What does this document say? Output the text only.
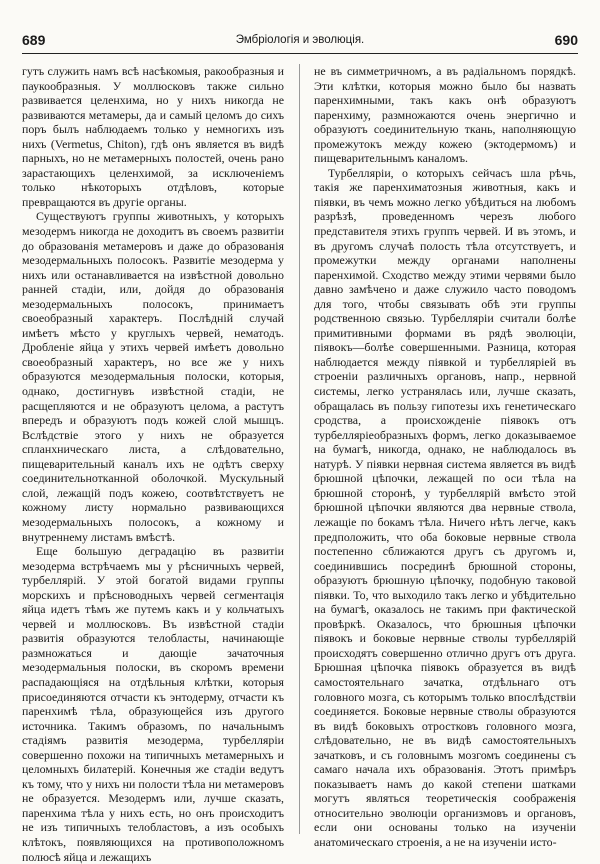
689	Эмбріологія и эволюція.	690

гутъ служить намъ всѣ насѣкомыя, ракообразныя и паукообразныя. У моллюсковъ также сильно развивается целенхима, но у нихъ никогда не развиваются метамеры, да и самый целомъ до сихъ поръ былъ наблюдаемъ только у немногихъ изъ нихъ (Vermetus, Chiton), гдѣ онъ является въ видѣ парныхъ, но не метамерныхъ полостей, очень рано зарастающихъ целенхимой, за исключеніемъ только нѣкоторыхъ отдѣловъ, которые превращаются въ другіе органы.

Существуютъ группы животныхъ, у которыхъ мезодермъ никогда не доходитъ въ своемъ развитіи до образованія метамеровъ и даже до образованія мезодермальныхъ полосокъ. Развитіе мезодерма у нихъ или останавливается на извѣстной довольно ранней стадіи, или, дойдя до образованія мезодермальныхъ полосокъ, принимаетъ своеобразный характеръ. Послѣдній случай имѣетъ мѣсто у круглыхъ червей, нематодъ. Дробленіе яйца у этихъ червей имѣетъ довольно своеобразный характеръ, но все же у нихъ образуются мезодермальныя полоски, которыя, однако, достигнувъ извѣстной стадіи, не расщепляются и не образуютъ целома, а растутъ впередъ и образуютъ подъ кожей слой мышцъ. Вслѣдствіе этого у нихъ не образуется спланхническаго листа, а слѣдовательно, пищеварительный каналъ ихъ не одѣтъ сверху соединительнотканной оболочкой. Мускульный слой, лежащій подъ кожею, соотвѣтствуетъ не кожному листу нормально развивающихся мезодермальныхъ полосокъ, а кожному и внутреннему листамъ вмѣстѣ.

Еще большую деградацію въ развитіи мезодерма встрѣчаемъ мы у рѣсничныхъ червей, турбеллярій. У этой богатой видами группы морскихъ и прѣсноводныхъ червей сегментація яйца идетъ тѣмъ же путемъ какъ и у кольчатыхъ червей и моллюсковъ. Въ извѣстной стадіи развитія образуются телобласты, начинающіе размножаться и дающіе зачаточныя мезодермальныя полоски, въ скоромъ времени распадающіяся на отдѣльныя клѣтки, которыя присоединяются отчасти къ энтодерму, отчасти къ паренхимѣ тѣла, образующейся изъ другого источника. Такимъ образомъ, по начальнымъ стадіямъ развитія мезодерма, турбелляріи совершенно похожи на типичныхъ метамерныхъ и целомныхъ билатерій. Конечныя же стадіи ведутъ къ тому, что у нихъ ни полости тѣла ни метамеровъ не образуется. Мезодермъ или, лучше сказать, паренхима тѣла у нихъ есть, но онъ происходитъ не изъ типичныхъ телобластовъ, а изъ особыхъ клѣтокъ, появляющихся на противоположномъ полюсѣ яйца и лежащихъ

не въ симметричномъ, а въ радіальномъ порядкѣ. Эти клѣтки, которыя можно было бы назвать паренхимными, такъ какъ онѣ образуютъ паренхиму, размножаются очень энергично и образуютъ соединительную ткань, наполняющую промежутокъ между кожею (эктодермомъ) и пищеварительнымъ каналомъ.

Турбелляріи, о которыхъ сейчасъ шла рѣчь, такія же паренхиматозныя животныя, какъ и піявки, въ чемъ можно легко убѣдиться на любомъ разрѣзѣ, проведенномъ черезъ любого представителя этихъ группъ червей. И въ этомъ, и въ другомъ случаѣ полость тѣла отсутствуетъ, и промежутки между органами наполнены паренхимой. Сходство между этими червями было давно замѣчено и даже служило часто поводомъ для того, чтобы связывать обѣ эти группы родственною связью. Турбелляріи считали болѣе примитивными формами въ рядѣ эволюціи, піявокъ—болѣе совершенными. Разница, которая наблюдается между піявкой и турбелляріей въ строеніи различныхъ органовъ, напр., нервной системы, легко устранялась или, лучше сказать, обращалась въ пользу гипотезы ихъ генетическаго сродства, а происхожденіе піявокъ отъ турбелляріеобразныхъ формъ, легко доказываемое на бумагѣ, никогда, однако, не наблюдалось въ натурѣ. У піявки нервная система является въ видѣ брюшной цѣпочки, лежащей по оси тѣла на брюшной сторонѣ, у турбеллярій вмѣсто этой брюшной цѣпочки являются два нервные ствола, лежащіе по бокамъ тѣла. Ничего нѣтъ легче, какъ предположить, что оба боковые нервные ствола постепенно сближаются другъ съ другомъ и, соединившись посрединѣ брюшной стороны, образуютъ брюшную цѣпочку, подобную таковой піявки. То, что выходило такъ легко и убѣдительно на бумагѣ, оказалось не такимъ при фактической провѣркѣ. Оказалось, что брюшныя цѣпочки піявокъ и боковые нервные стволы турбеллярій происходятъ совершенно отлично другъ отъ друга. Брюшная цѣпочка піявокъ образуется въ видѣ самостоятельнаго зачатка, отдѣльнаго отъ головного мозга, съ которымъ только впослѣдствіи соединяется. Боковые нервные стволы образуются въ видѣ боковыхъ отростковъ головного мозга, слѣдовательно, не въ видѣ самостоятельныхъ зачатковъ, и съ головнымъ мозгомъ соединены съ самаго начала ихъ образованія. Этотъ примѣръ показываетъ намъ до какой степени шатками могутъ являться теоретическія соображенія относительно эволюціи организмовъ и органовъ, если они основаны только на изученіи анатомическаго строенія, а не на изученіи исто-
